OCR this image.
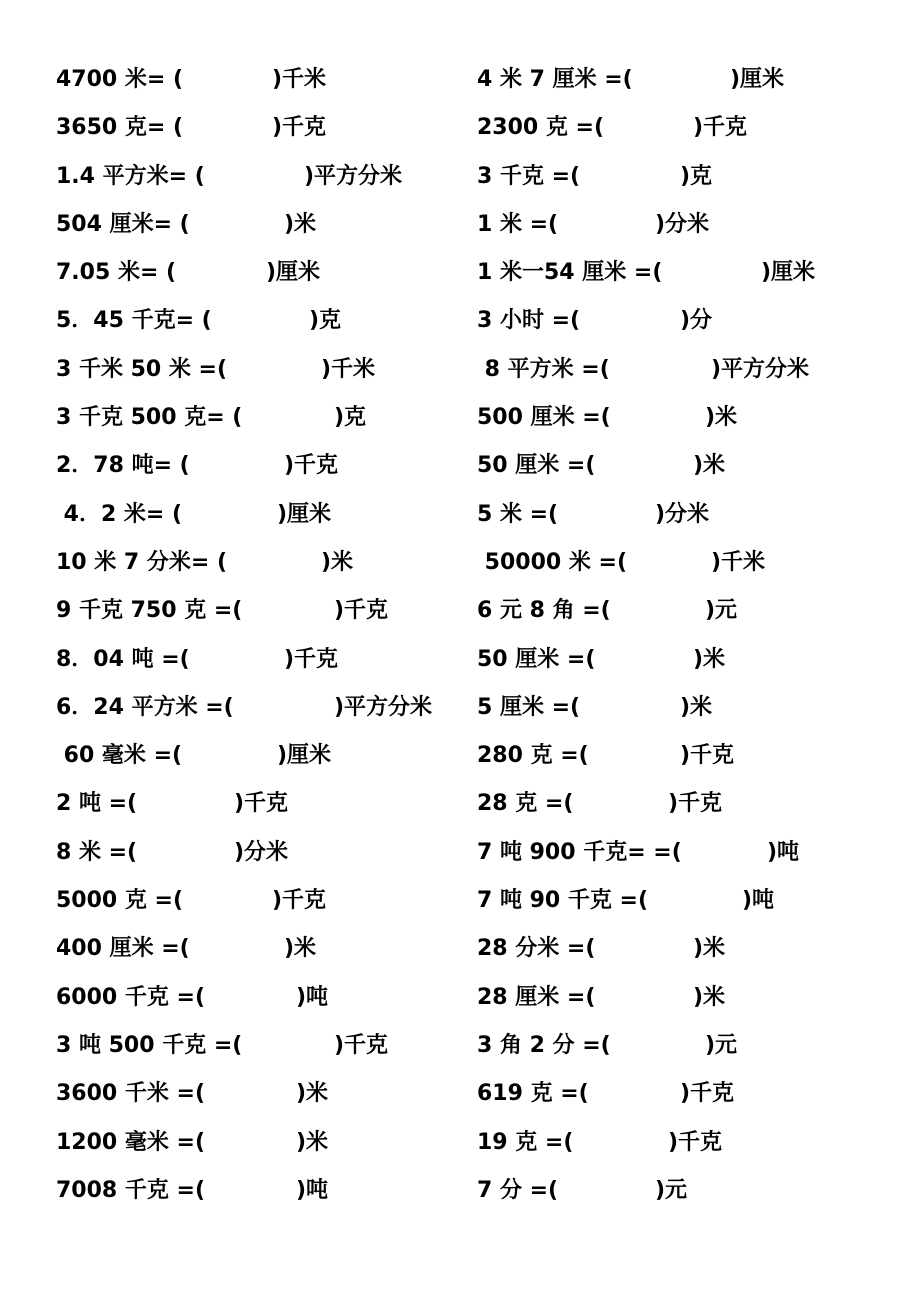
4700 米= (	)千米
3650 克= (	)千克
1.4 平方米= (	)平方分米
504 厘米= (	)米
7.05 米= (	)厘米
5．45 千克= (	)克
3 千米 50 米 =(	)千米
3 千克 500 克= (	)克
2．78 吨= (	)千克
4．2 米= (	)厘米
10 米 7 分米= (	)米
9 千克 750 克 =(	)千克
8．04 吨 =(	)千克
6．24 平方米 =(	)平方分米
60 毫米 =(	)厘米
2 吨 =(	)千克
8 米 =(	)分米
5000 克 =(	)千克
400 厘米 =(	)米
6000 千克 =(	)吨
3 吨 500 千克 =(	)千克
3600 千米 =(	)米
1200 毫米 =(	)米
7008 千克 =(	)吨
4 米 7 厘米 =(	)厘米
2300 克 =(	)千克
3 千克 =(	)克
1 米 =(	)分米
1 米一54 厘米 =(	)厘米
3 小时 =(	)分
8 平方米 =(	)平方分米
500 厘米 =(	)米
50 厘米 =(	)米
5 米 =(	)分米
50000 米 =(	)千米
6 元 8 角 =(	)元
50 厘米 =(	)米
5 厘米 =(	)米
280 克 =(	)千克
28 克 =(	)千克
7 吨 900 千克= =(	)吨
7 吨 90 千克 =(	)吨
28 分米 =(	)米
28 厘米 =(	)米
3 角 2 分 =(	)元
619 克 =(	)千克
19 克 =(	)千克
7 分 =(	)元
